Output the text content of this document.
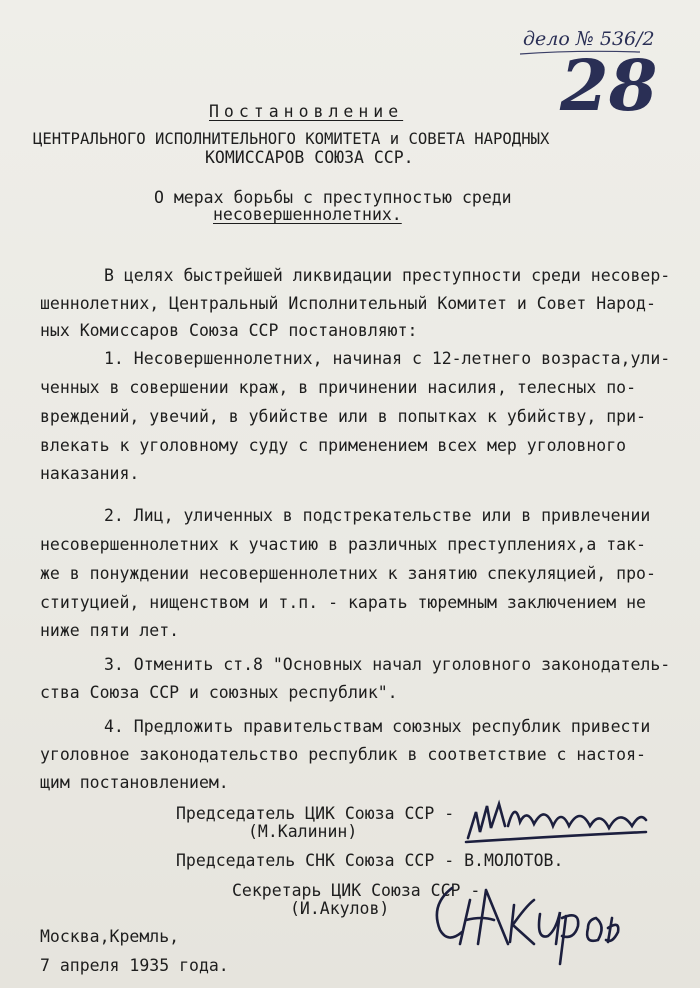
дело № 536/2
28
Постановление
ЦЕНТРАЛЬНОГО ИСПОЛНИТЕЛЬНОГО КОМИТЕТА и СОВЕТА НАРОДНЫХ
КОМИССАРОВ СОЮЗА ССР.
О мерах борьбы с преступностью среди
несовершеннолетних.
В целях быстрейшей ликвидации преступности среди несовер-
шеннолетних, Центральный Исполнительный Комитет и Совет Народ-
ных Комиссаров Союза ССР постановляют:
1. Несовершеннолетних, начиная с 12-летнего возраста,ули-
ченных в совершении краж, в причинении насилия, телесных по-
вреждений, увечий, в убийстве или в попытках к убийству, при-
влекать к уголовному суду с применением всех мер уголовного
наказания.
2. Лиц, уличенных в подстрекательстве или в привлечении
несовершеннолетних к участию в различных преступлениях,а так-
же в понуждении несовершеннолетних к занятию спекуляцией, про-
ституцией, нищенством и т.п. - карать тюремным заключением не
ниже пяти лет.
3. Отменить ст.8 "Основных начал уголовного законодатель-
ства Союза ССР и союзных республик".
4. Предложить правительствам союзных республик привести
уголовное законодательство республик в соответствие с настоя-
щим постановлением.
Председатель ЦИК Союза ССР -
(М.Калинин)
Председатель СНК Союза ССР - В.МОЛОТОВ.
Секретарь ЦИК Союза ССР -
(И.Акулов)
Москва,Кремль,
7 апреля 1935 года.
